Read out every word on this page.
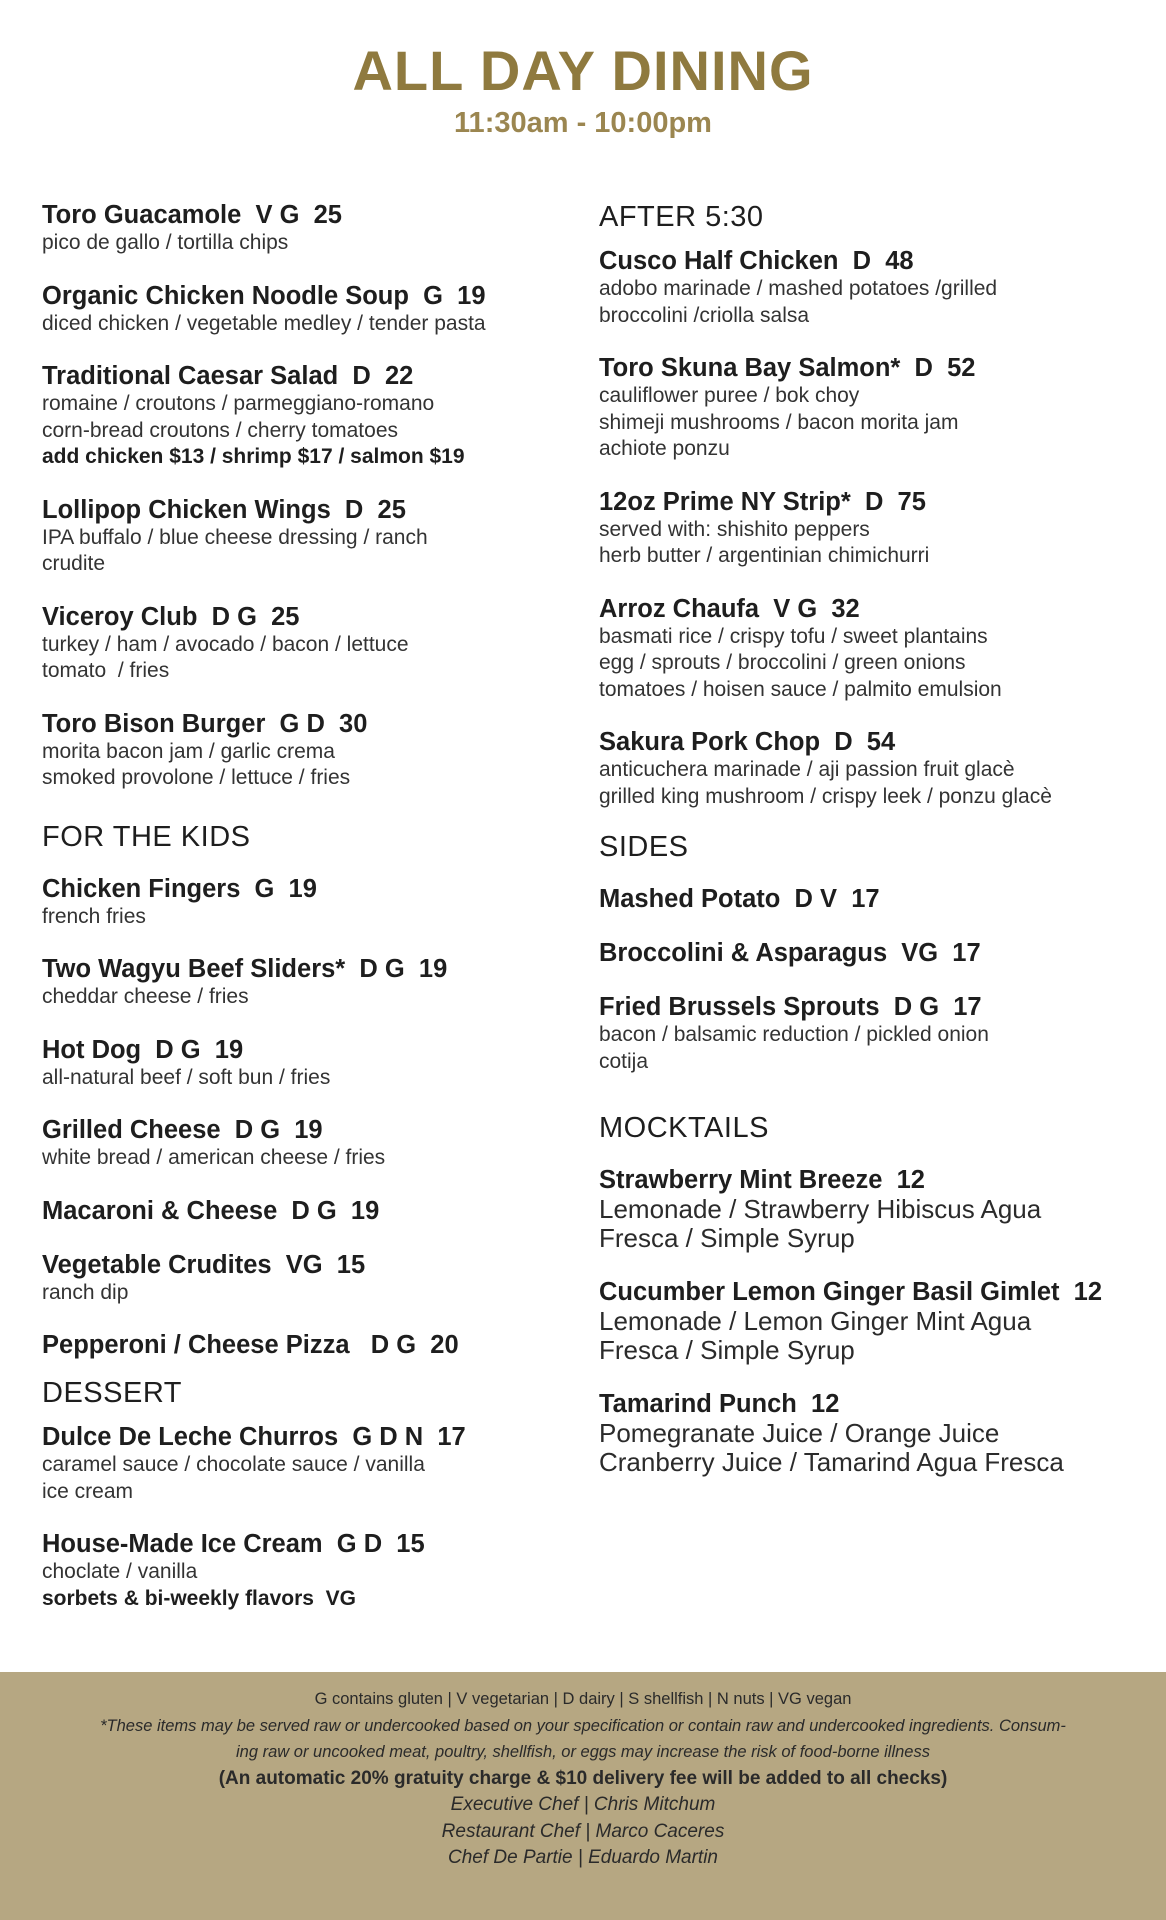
ALL DAY DINING
11:30am - 10:00pm
Toro Guacamole  V G  25
pico de gallo / tortilla chips
Organic Chicken Noodle Soup  G  19
diced chicken / vegetable medley / tender pasta
Traditional Caesar Salad  D  22
romaine / croutons / parmeggiano-romano
corn-bread croutons / cherry tomatoes
add chicken $13 / shrimp $17 / salmon $19
Lollipop Chicken Wings  D  25
IPA buffalo / blue cheese dressing / ranch
crudite
Viceroy Club  D G  25
turkey / ham / avocado / bacon / lettuce
tomato  / fries
Toro Bison Burger  G D  30
morita bacon jam / garlic crema
smoked provolone / lettuce / fries
FOR THE KIDS
Chicken Fingers  G  19
french fries
Two Wagyu Beef Sliders*  D G  19
cheddar cheese / fries
Hot Dog  D G  19
all-natural beef / soft bun / fries
Grilled Cheese  D G  19
white bread / american cheese / fries
Macaroni & Cheese  D G  19
Vegetable Crudites  VG  15
ranch dip
Pepperoni / Cheese Pizza   D G  20
DESSERT
Dulce De Leche Churros  G D N  17
caramel sauce / chocolate sauce / vanilla
ice cream
House-Made Ice Cream  G D  15
choclate / vanilla
sorbets & bi-weekly flavors  VG
AFTER 5:30
Cusco Half Chicken  D  48
adobo marinade / mashed potatoes /grilled
broccolini /criolla salsa
Toro Skuna Bay Salmon*  D  52
cauliflower puree / bok choy
shimeji mushrooms / bacon morita jam
achiote ponzu
12oz Prime NY Strip*  D  75
served with: shishito peppers
herb butter / argentinian chimichurri
Arroz Chaufa  V G  32
basmati rice / crispy tofu / sweet plantains
egg / sprouts / broccolini / green onions
tomatoes / hoisen sauce / palmito emulsion
Sakura Pork Chop  D  54
anticuchera marinade / aji passion fruit glacè
grilled king mushroom / crispy leek / ponzu glacè
SIDES
Mashed Potato  D V  17
Broccolini & Asparagus  VG  17
Fried Brussels Sprouts  D G  17
bacon / balsamic reduction / pickled onion
cotija
MOCKTAILS
Strawberry Mint Breeze  12
Lemonade / Strawberry Hibiscus Agua
Fresca / Simple Syrup
Cucumber Lemon Ginger Basil Gimlet  12
Lemonade / Lemon Ginger Mint Agua
Fresca / Simple Syrup
Tamarind Punch  12
Pomegranate Juice / Orange Juice
Cranberry Juice / Tamarind Agua Fresca
G contains gluten | V vegetarian | D dairy | S shellfish | N nuts | VG vegan
*These items may be served raw or undercooked based on your specification or contain raw and undercooked ingredients. Consum-
ing raw or uncooked meat, poultry, shellfish, or eggs may increase the risk of food-borne illness
(An automatic 20% gratuity charge & $10 delivery fee will be added to all checks)
Executive Chef | Chris Mitchum
Restaurant Chef | Marco Caceres
Chef De Partie | Eduardo Martin
